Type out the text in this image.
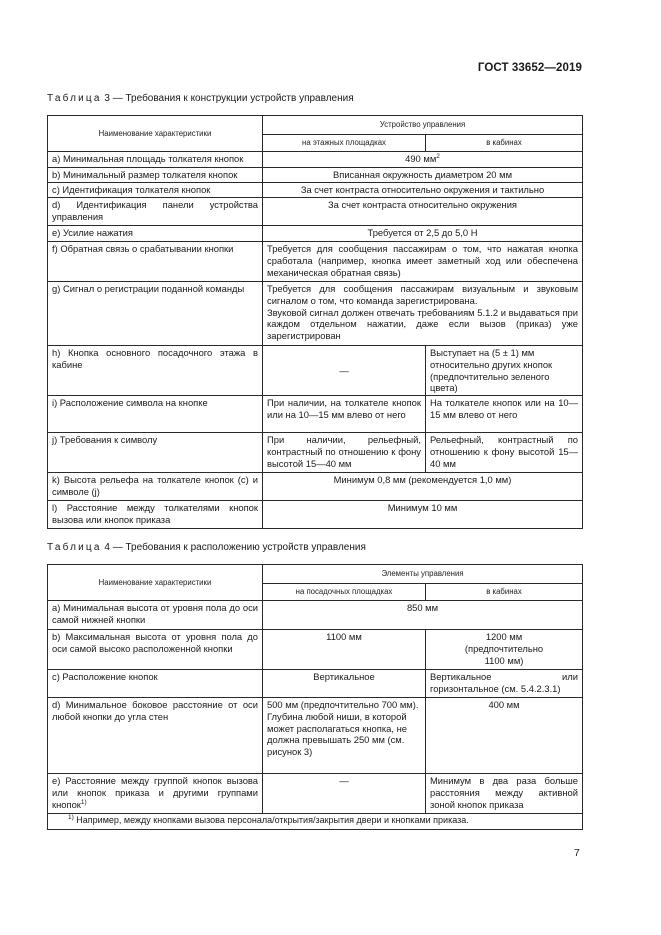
ГОСТ 33652—2019
Таблица 3 — Требования к конструкции устройств управления
Наименование характеристики	Устройство управления	
	на этажных площадках	в кабинах
а) Минимальная площадь толкателя кнопок	490 $мм^2$
b) Минимальный размер толкателя кнопок	Вписанная окружность диаметром 20 мм	
c) Идентификация толкателя кнопок	За счет контраста относительно окружения и тактильно	
d) Идентификация панели устройства управления	За счет контраста относительно окружения	
e) Усилие нажатия	Требуется от 2,5 до 5,0 Н	
f) Обратная связь о срабатывании кнопки	Требуется для сообщения пассажирам о том, что нажатая кнопка сработала (например, кнопка имеет заметный ход или обеспечена механическая обратная связь)	
g) Сигнал о регистрации поданной команды	Требуется для сообщения пассажирам визуальным и звуковым сигналом о том, что команда зарегистрирована.
Звуковой сигнал должен отвечать требованиям 5.1.2 и выдаваться при каждом отдельном нажатии, даже если вызов (приказ) уже зарегистрирован	

h) Кнопка основного посадочного этажа в кабине	—	Выступает на (5 ± 1) мм относительно других кнопок (предпочтительно зеленого цвета)
i) Расположение символа на кнопке	При наличии, на толкателе кнопок или на 10—15 мм влево от него	На толкателе кнопок или на 10—15 мм влево от него
j) Требования к символу	При наличии, рельефный, контрастный по отношению к фону высотой 15—40 мм	Рельефный, контрастный по отношению к фону высотой 15—40 мм
k) Высота рельефа на толкателе кнопок (c) и символе (j)	Минимум 0,8 мм (рекомендуется 1,0 мм)	
l) Расстояние между толкателями кнопок вызова или кнопок приказа	Минимум 10 мм	
Таблица 4 — Требования к расположению устройств управления
Наименование характеристики	Элементы управления	
	на посадочных площадках	в кабинах
a) Минимальная высота от уровня пола до оси самой нижней кнопки	850 мм	
b) Максимальная высота от уровня пола до оси самой высоко расположенной кнопки	1100 мм	1200 мм (предпочтительно 1100 мм)
c) Расположение кнопок	Вертикальное	Вертикальное или горизонтальное (см. 5.4.2.3.1)
d) Минимальное боковое расстояние от оси любой кнопки до угла стен	500 мм (предпочтительно 700 мм).
Глубина любой ниши, в которой может располагаться кнопка, не должна превышать 250 мм (см. рисунок 3)	400 мм
e) Расстояние между группой кнопок вызова или кнопок приказа и другими группами кнопок$^{1)}$	—	Минимум в два раза больше расстояния между активной зоной кнопок приказа
$^{1)}$ Например, между кнопками вызова персонала/открытия/закрытия двери и кнопками приказа.		
7
